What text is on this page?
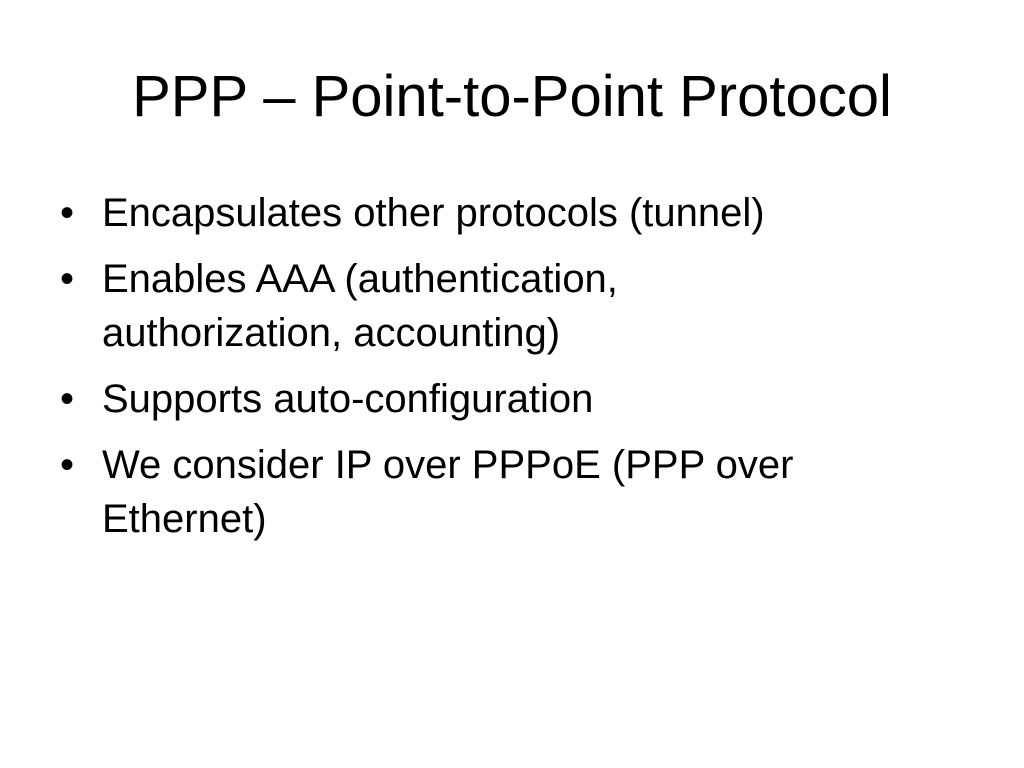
PPP – Point-to-Point Protocol
• Encapsulates other protocols (tunnel)
• Enables AAA (authentication,
authorization, accounting)
• Supports auto-configuration
• We consider IP over PPPoE (PPP over
Ethernet)
